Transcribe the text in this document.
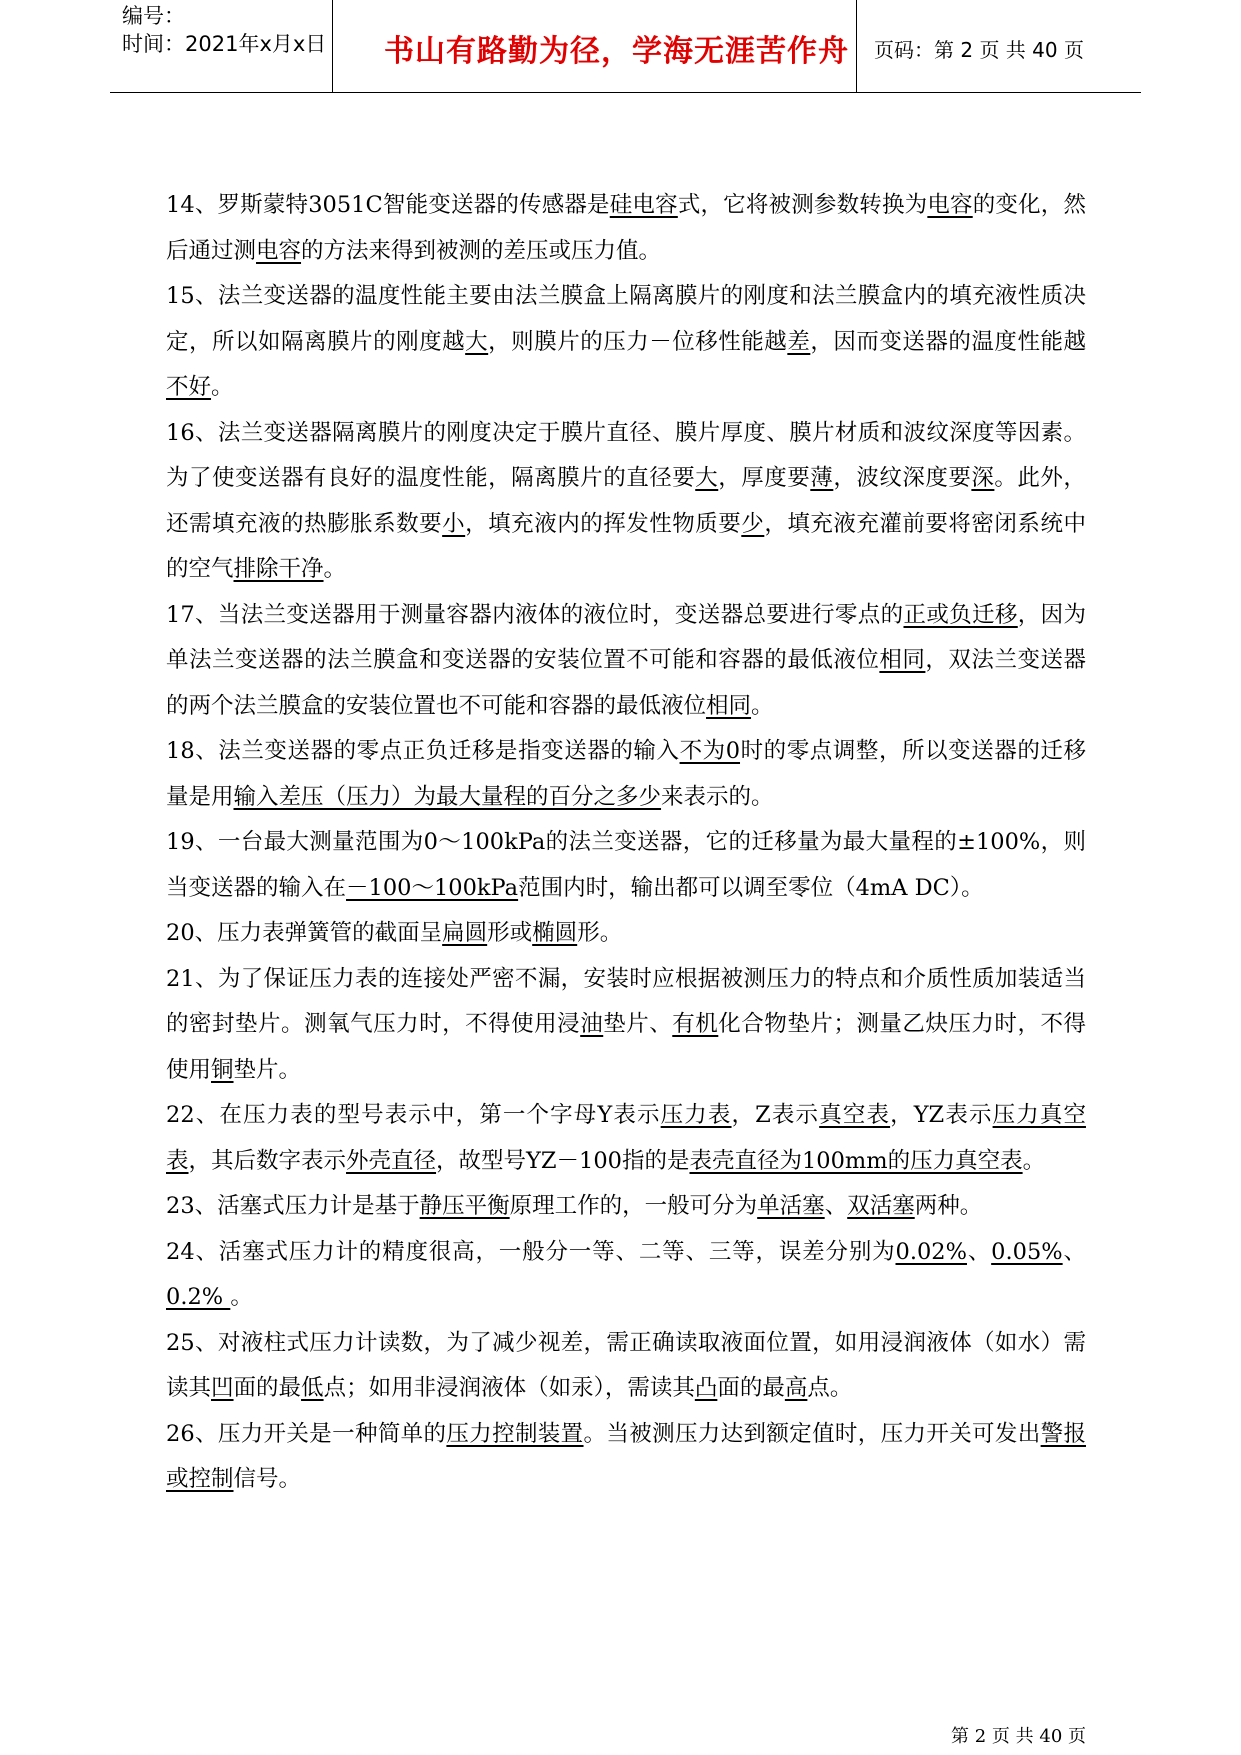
编号：
时间：2021年x月x日	书山有路勤为径，学海无涯苦作舟	页码：第 2 页 共 40 页

14、罗斯蒙特3051C智能变送器的传感器是硅电容式，它将被测参数转换为电容的变化，然后通过测电容的方法来得到被测的差压或压力值。

15、法兰变送器的温度性能主要由法兰膜盒上隔离膜片的刚度和法兰膜盒内的填充液性质决定，所以如隔离膜片的刚度越大，则膜片的压力－位移性能越差，因而变送器的温度性能越不好。

16、法兰变送器隔离膜片的刚度决定于膜片直径、膜片厚度、膜片材质和波纹深度等因素。为了使变送器有良好的温度性能，隔离膜片的直径要大，厚度要薄，波纹深度要深。此外，还需填充液的热膨胀系数要小，填充液内的挥发性物质要少，填充液充灌前要将密闭系统中的空气排除干净。

17、当法兰变送器用于测量容器内液体的液位时，变送器总要进行零点的正或负迁移，因为单法兰变送器的法兰膜盒和变送器的安装位置不可能和容器的最低液位相同，双法兰变送器的两个法兰膜盒的安装位置也不可能和容器的最低液位相同。

18、法兰变送器的零点正负迁移是指变送器的输入不为0时的零点调整，所以变送器的迁移量是用输入差压（压力）为最大量程的百分之多少来表示的。

19、一台最大测量范围为0～100kPa的法兰变送器，它的迁移量为最大量程的±100%，则当变送器的输入在－100～100kPa范围内时，输出都可以调至零位（4mA DC）。

20、压力表弹簧管的截面呈扁圆形或椭圆形。

21、为了保证压力表的连接处严密不漏，安装时应根据被测压力的特点和介质性质加装适当的密封垫片。测氧气压力时，不得使用浸油垫片、有机化合物垫片；测量乙炔压力时，不得使用铜垫片。

22、在压力表的型号表示中，第一个字母Y表示压力表，Z表示真空表，YZ表示压力真空表，其后数字表示外壳直径，故型号YZ－100指的是表壳直径为100mm的压力真空表。

23、活塞式压力计是基于静压平衡原理工作的，一般可分为单活塞、双活塞两种。

24、活塞式压力计的精度很高，一般分一等、二等、三等，误差分别为0.02%、0.05%、0.2% 。

25、对液柱式压力计读数，为了减少视差，需正确读取液面位置，如用浸润液体（如水）需读其凹面的最低点；如用非浸润液体（如汞），需读其凸面的最高点。

26、压力开关是一种简单的压力控制装置。当被测压力达到额定值时，压力开关可发出警报或控制信号。

第 2 页 共 40 页
